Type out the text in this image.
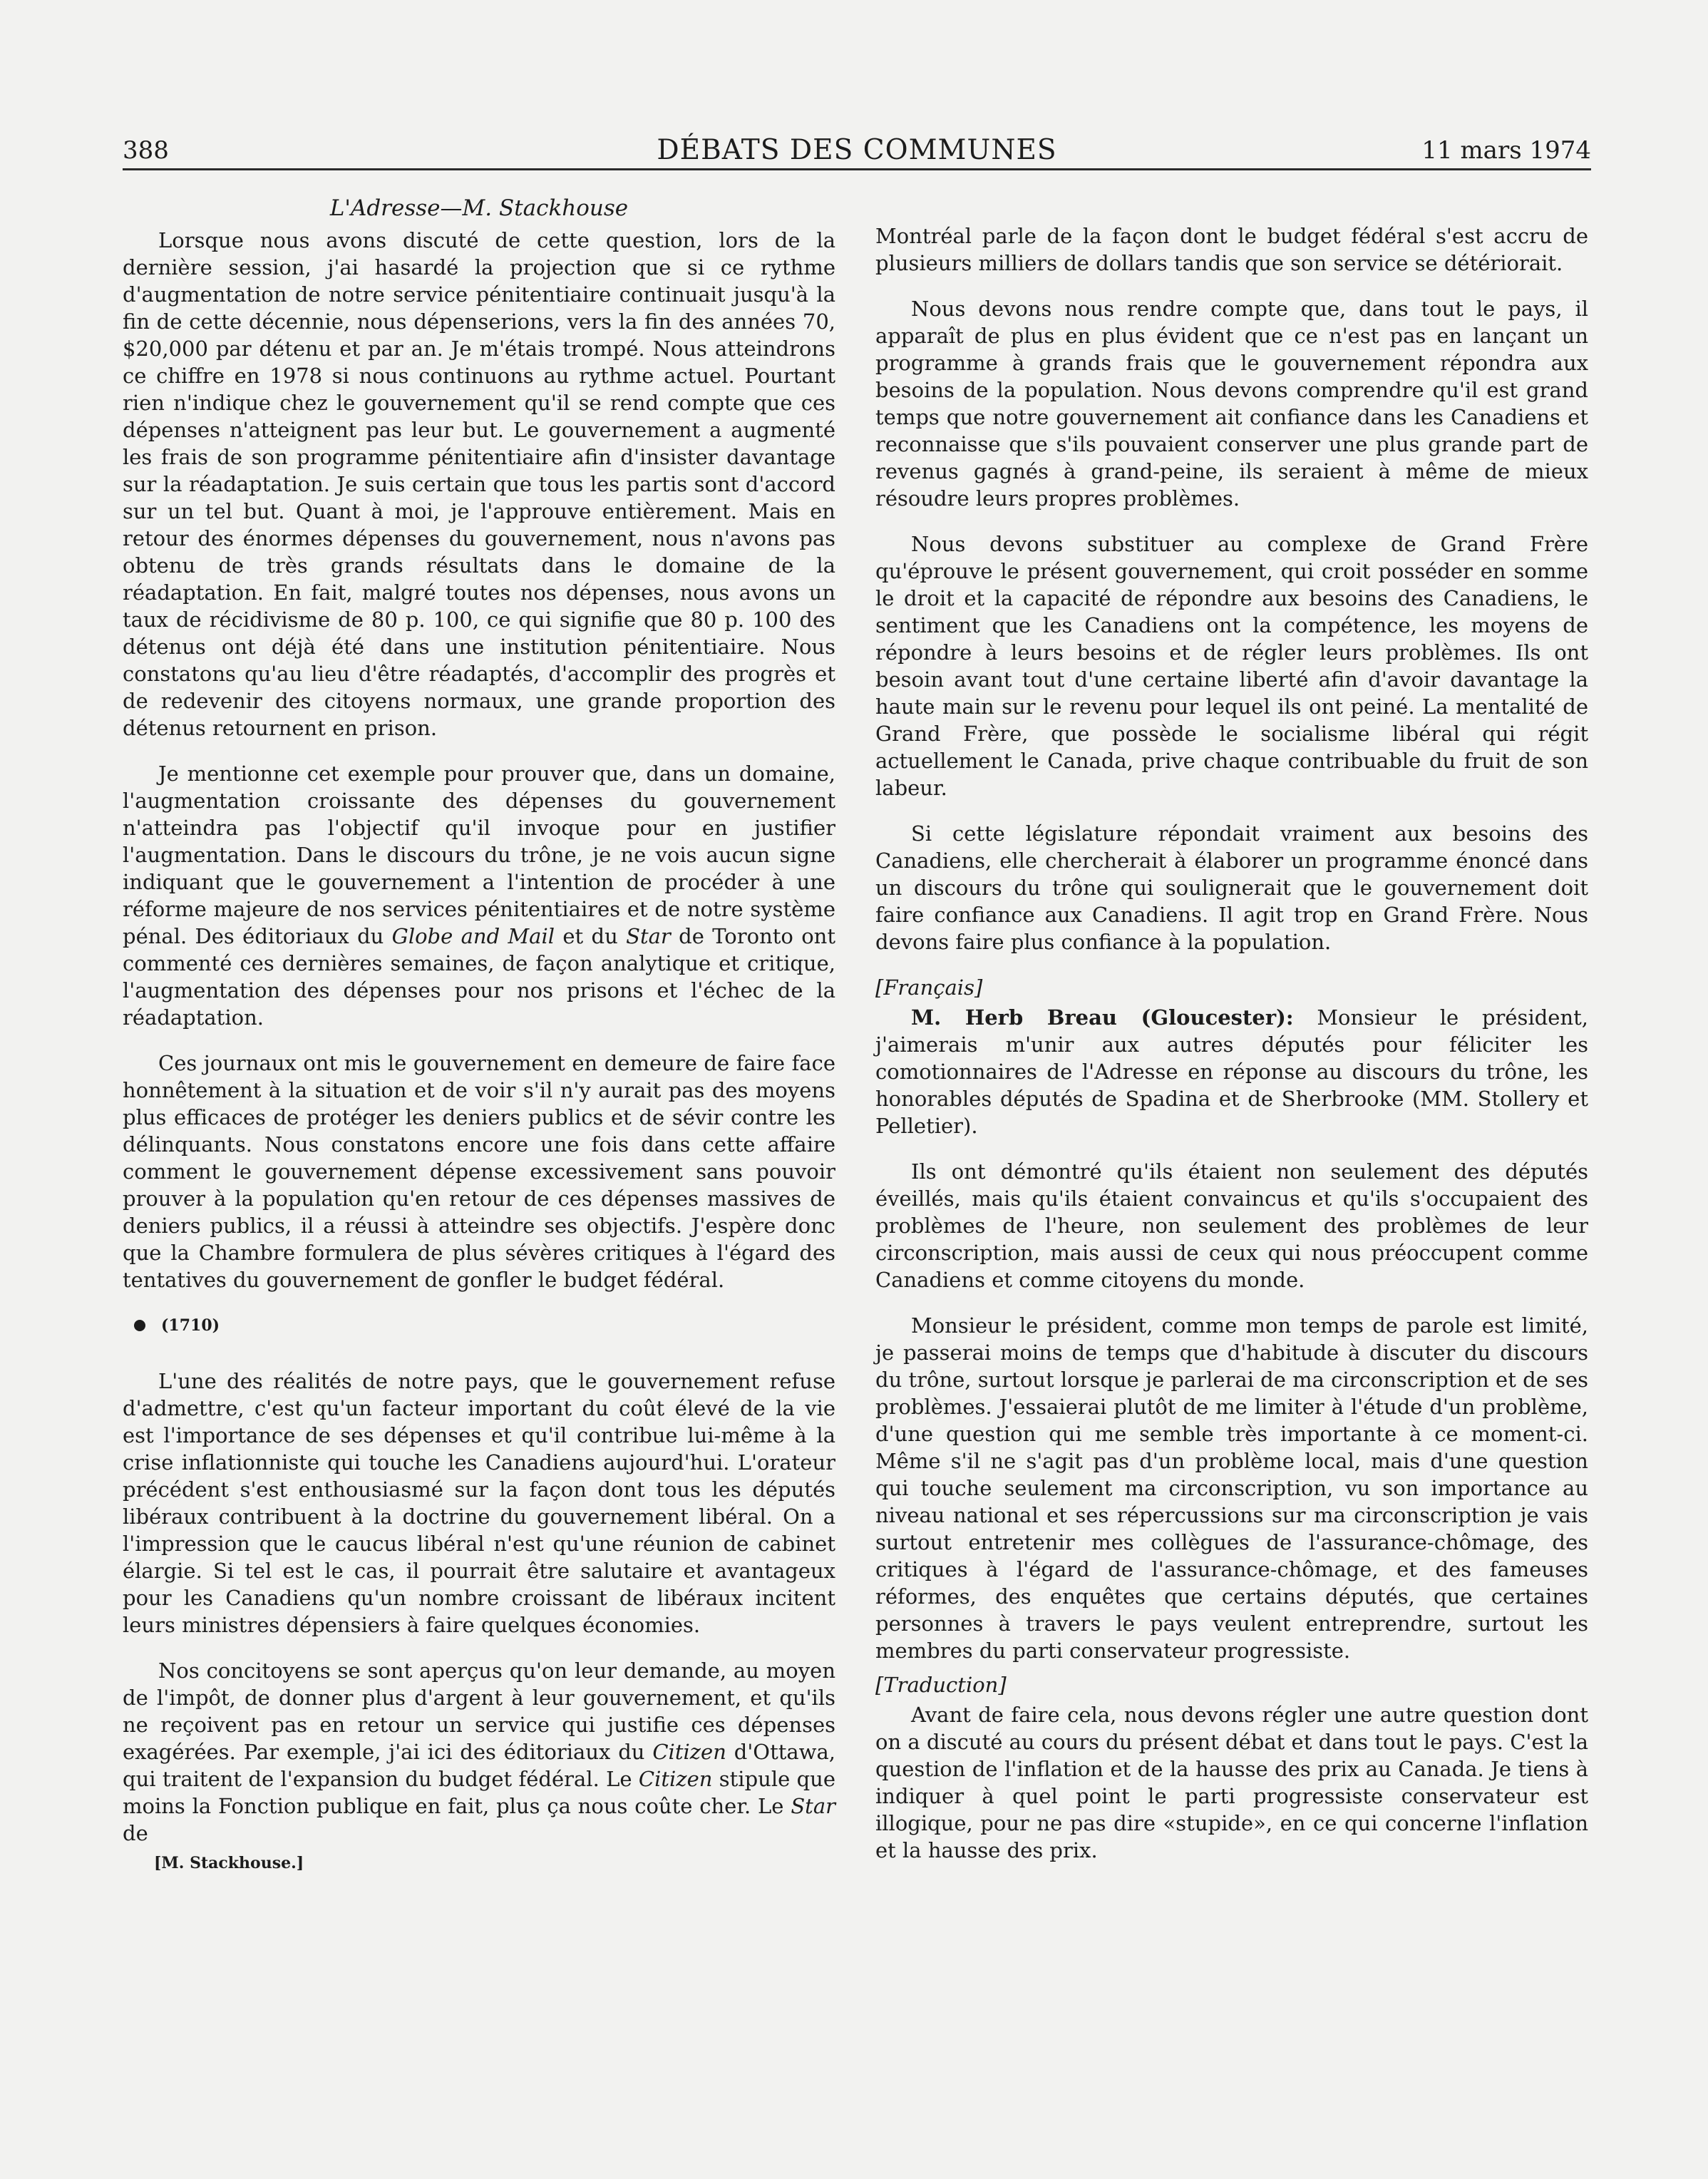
DÉBATS DES COMMUNES
388	11 mars 1974
L'Adresse—M. Stackhouse

Lorsque nous avons discuté de cette question, lors de la dernière session, j'ai hasardé la projection que si ce rythme d'augmentation de notre service pénitentiaire continuait jusqu'à la fin de cette décennie, nous dépenserions, vers la fin des années 70, $20,000 par détenu et par an. Je m'étais trompé. Nous atteindrons ce chiffre en 1978 si nous continuons au rythme actuel. Pourtant rien n'indique chez le gouvernement qu'il se rend compte que ces dépenses n'atteignent pas leur but. Le gouvernement a augmenté les frais de son programme pénitentiaire afin d'insister davantage sur la réadaptation. Je suis certain que tous les partis sont d'accord sur un tel but. Quant à moi, je l'approuve entièrement. Mais en retour des énormes dépenses du gouvernement, nous n'avons pas obtenu de très grands résultats dans le domaine de la réadaptation. En fait, malgré toutes nos dépenses, nous avons un taux de récidivisme de 80 p. 100, ce qui signifie que 80 p. 100 des détenus ont déjà été dans une institution pénitentiaire. Nous constatons qu'au lieu d'être réadaptés, d'accomplir des progrès et de redevenir des citoyens normaux, une grande proportion des détenus retournent en prison.

Je mentionne cet exemple pour prouver que, dans un domaine, l'augmentation croissante des dépenses du gouvernement n'atteindra pas l'objectif qu'il invoque pour en justifier l'augmentation. Dans le discours du trône, je ne vois aucun signe indiquant que le gouvernement a l'intention de procéder à une réforme majeure de nos services pénitentiaires et de notre système pénal. Des éditoriaux du Globe and Mail et du Star de Toronto ont commenté ces dernières semaines, de façon analytique et critique, l'augmentation des dépenses pour nos prisons et l'échec de la réadaptation.

Ces journaux ont mis le gouvernement en demeure de faire face honnêtement à la situation et de voir s'il n'y aurait pas des moyens plus efficaces de protéger les deniers publics et de sévir contre les délinquants. Nous constatons encore une fois dans cette affaire comment le gouvernement dépense excessivement sans pouvoir prouver à la population qu'en retour de ces dépenses massives de deniers publics, il a réussi à atteindre ses objectifs. J'espère donc que la Chambre formulera de plus sévères critiques à l'égard des tentatives du gouvernement de gonfler le budget fédéral.

(1710)

L'une des réalités de notre pays, que le gouvernement refuse d'admettre, c'est qu'un facteur important du coût élevé de la vie est l'importance de ses dépenses et qu'il contribue lui-même à la crise inflationniste qui touche les Canadiens aujourd'hui. L'orateur précédent s'est enthousiasmé sur la façon dont tous les députés libéraux contribuent à la doctrine du gouvernement libéral. On a l'impression que le caucus libéral n'est qu'une réunion de cabinet élargie. Si tel est le cas, il pourrait être salutaire et avantageux pour les Canadiens qu'un nombre croissant de libéraux incitent leurs ministres dépensiers à faire quelques économies.

Nos concitoyens se sont aperçus qu'on leur demande, au moyen de l'impôt, de donner plus d'argent à leur gouvernement, et qu'ils ne reçoivent pas en retour un service qui justifie ces dépenses exagérées. Par exemple, j'ai ici des éditoriaux du Citizen d'Ottawa, qui traitent de l'expansion du budget fédéral. Le Citizen stipule que moins la Fonction publique en fait, plus ça nous coûte cher. Le Star de

[M. Stackhouse.]

Montréal parle de la façon dont le budget fédéral s'est accru de plusieurs milliers de dollars tandis que son service se détériorait.

Nous devons nous rendre compte que, dans tout le pays, il apparaît de plus en plus évident que ce n'est pas en lançant un programme à grands frais que le gouvernement répondra aux besoins de la population. Nous devons comprendre qu'il est grand temps que notre gouvernement ait confiance dans les Canadiens et reconnaisse que s'ils pouvaient conserver une plus grande part de revenus gagnés à grand-peine, ils seraient à même de mieux résoudre leurs propres problèmes.

Nous devons substituer au complexe de Grand Frère qu'éprouve le présent gouvernement, qui croit posséder en somme le droit et la capacité de répondre aux besoins des Canadiens, le sentiment que les Canadiens ont la compétence, les moyens de répondre à leurs besoins et de régler leurs problèmes. Ils ont besoin avant tout d'une certaine liberté afin d'avoir davantage la haute main sur le revenu pour lequel ils ont peiné. La mentalité de Grand Frère, que possède le socialisme libéral qui régit actuellement le Canada, prive chaque contribuable du fruit de son labeur.

Si cette législature répondait vraiment aux besoins des Canadiens, elle chercherait à élaborer un programme énoncé dans un discours du trône qui soulignerait que le gouvernement doit faire confiance aux Canadiens. Il agit trop en Grand Frère. Nous devons faire plus confiance à la population.

[Français]

M. Herb Breau (Gloucester): Monsieur le président, j'aimerais m'unir aux autres députés pour féliciter les comotionnaires de l'Adresse en réponse au discours du trône, les honorables députés de Spadina et de Sherbrooke (MM. Stollery et Pelletier).

Ils ont démontré qu'ils étaient non seulement des députés éveillés, mais qu'ils étaient convaincus et qu'ils s'occupaient des problèmes de l'heure, non seulement des problèmes de leur circonscription, mais aussi de ceux qui nous préoccupent comme Canadiens et comme citoyens du monde.

Monsieur le président, comme mon temps de parole est limité, je passerai moins de temps que d'habitude à discuter du discours du trône, surtout lorsque je parlerai de ma circonscription et de ses problèmes. J'essaierai plutôt de me limiter à l'étude d'un problème, d'une question qui me semble très importante à ce moment-ci. Même s'il ne s'agit pas d'un problème local, mais d'une question qui touche seulement ma circonscription, vu son importance au niveau national et ses répercussions sur ma circonscription je vais surtout entretenir mes collègues de l'assurance-chômage, des critiques à l'égard de l'assurance-chômage, et des fameuses réformes, des enquêtes que certains députés, que certaines personnes à travers le pays veulent entreprendre, surtout les membres du parti conservateur progressiste.

[Traduction]

Avant de faire cela, nous devons régler une autre question dont on a discuté au cours du présent débat et dans tout le pays. C'est la question de l'inflation et de la hausse des prix au Canada. Je tiens à indiquer à quel point le parti progressiste conservateur est illogique, pour ne pas dire «stupide», en ce qui concerne l'inflation et la hausse des prix.
